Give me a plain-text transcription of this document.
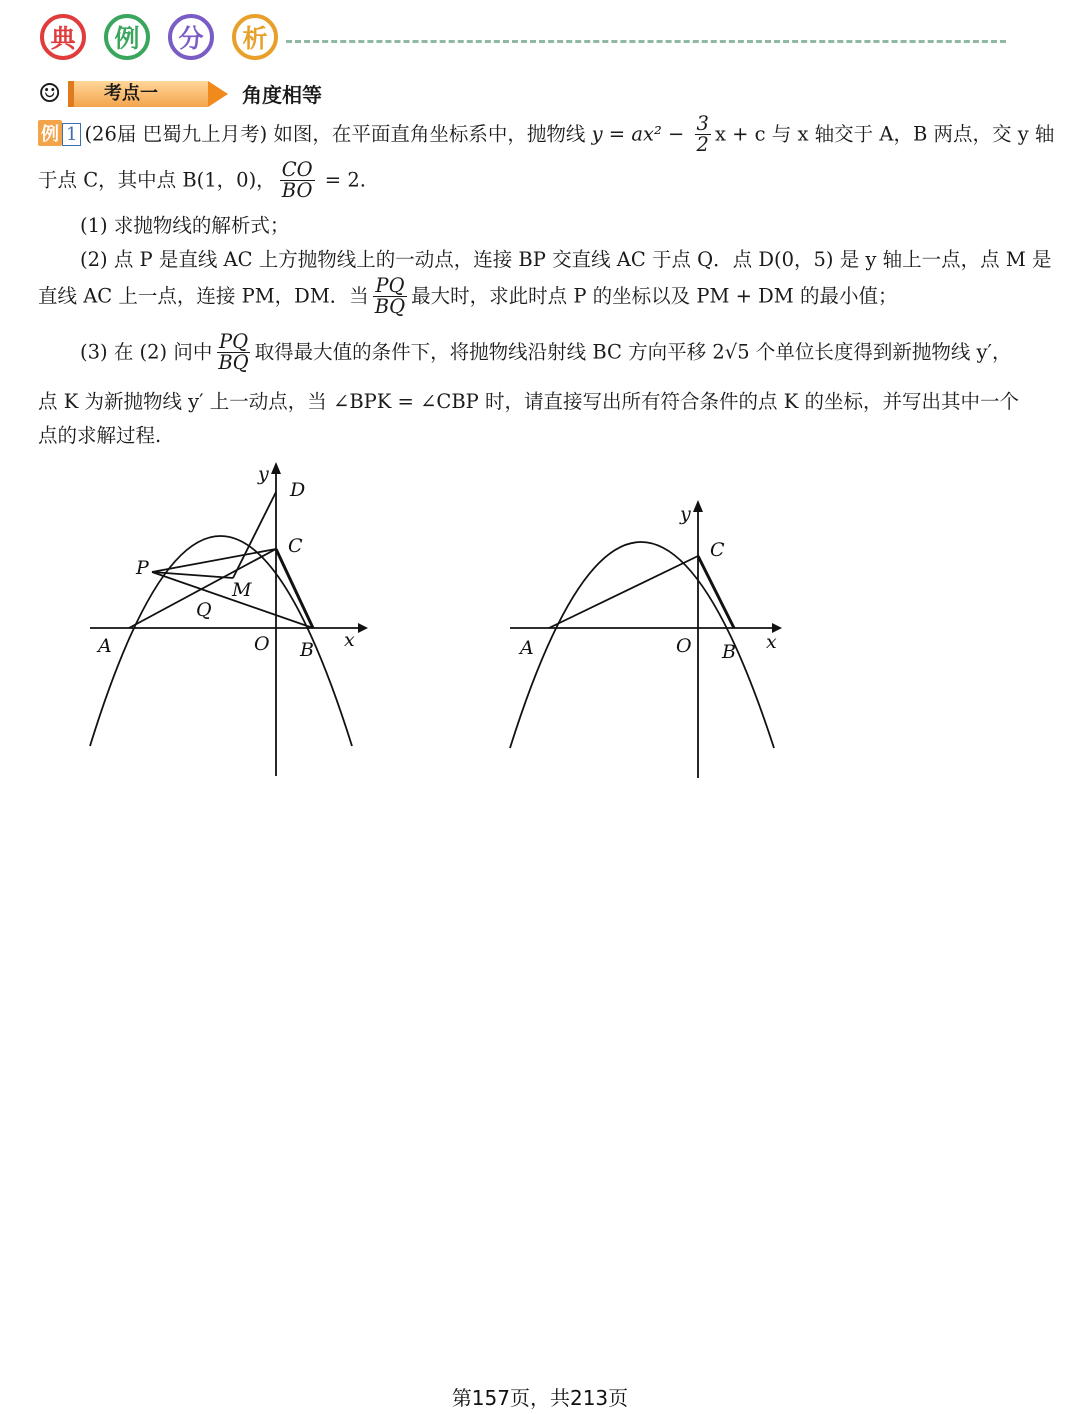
典	例	分	析
☺	考点一	角度相等
例 1 (26届 巴蜀九上月考) 如图，在平面直角坐标系中，抛物线 $y = ax^2 - \frac{3}{2}$ x + c 与 x 轴交于 A，B 两点，交 y 轴
于点 C，其中点 B(1，0)， $\frac{CO}{BO} = 2$.
(1) 求抛物线的解析式；
(2) 点 P 是直线 AC 上方抛物线上的一动点，连接 BP 交直线 AC 于点 Q．点 D(0，5) 是 y 轴上一点，点 M 是
直线 AC 上一点，连接 PM，DM．当 $\frac{PQ}{BQ}$ 最大时，求此时点 P 的坐标以及 PM + DM 的最小值；
(3) 在 (2) 问中 $\frac{PQ}{BQ}$ 取得最大值的条件下，将抛物线沿射线 BC 方向平移 2√5 个单位长度得到新抛物线 y′，
点 K 为新抛物线 y′ 上一动点，当 ∠BPK = ∠CBP 时，请直接写出所有符合条件的点 K 的坐标，并写出其中一个
点的求解过程.
y
D
C
P
M
Q
A	O B x
y
C
A	O B x
第157页，共213页
